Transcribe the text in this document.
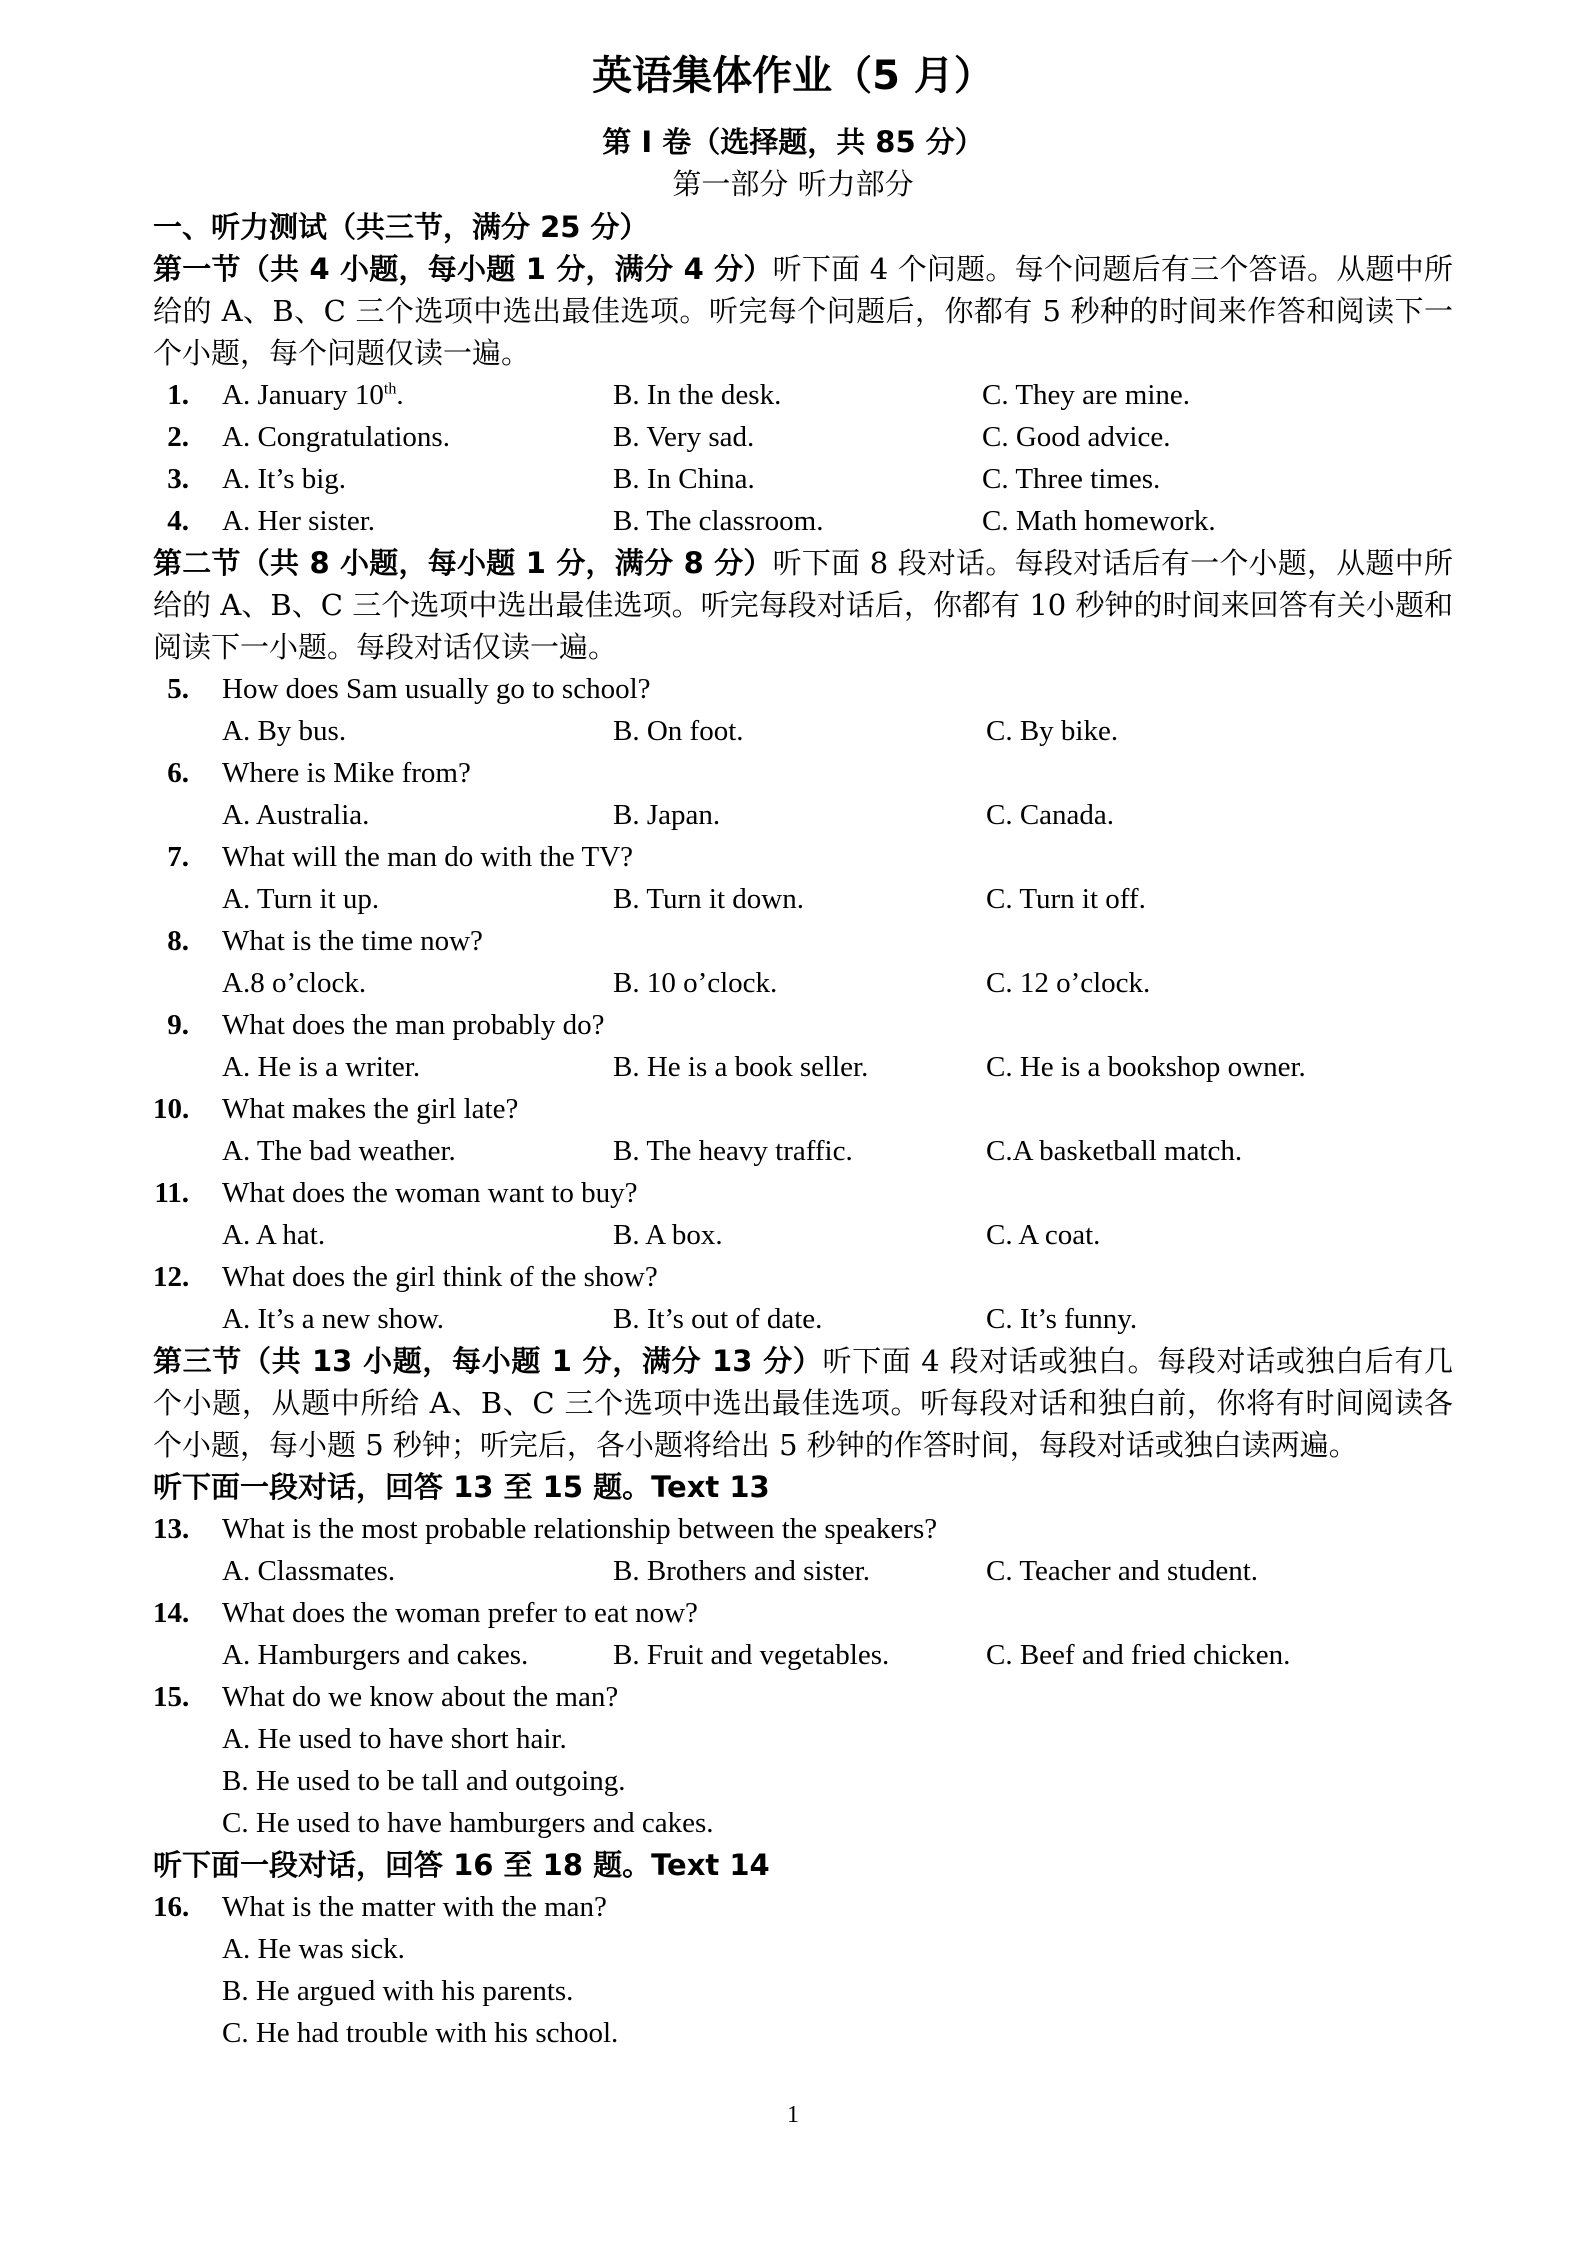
英语集体作业（5 月）
第 I 卷（选择题，共 85 分）
第一部分 听力部分
一、听力测试（共三节，满分 25 分）
第一节（共 4 小题，每小题 1 分，满分 4 分）听下面 4 个问题。每个问题后有三个答语。从题中所给的 A、B、C 三个选项中选出最佳选项。听完每个问题后，你都有 5 秒种的时间来作答和阅读下一个小题，每个问题仅读一遍。
1. A. January 10th.	B. In the desk.	C. They are mine.
2. A. Congratulations.	B. Very sad.	C. Good advice.
3. A. It’s big.	B. In China.	C. Three times.
4. A. Her sister.	B. The classroom.	C. Math homework.
第二节（共 8 小题，每小题 1 分，满分 8 分）听下面 8 段对话。每段对话后有一个小题，从题中所给的 A、B、C 三个选项中选出最佳选项。听完每段对话后，你都有 10 秒钟的时间来回答有关小题和阅读下一小题。每段对话仅读一遍。
5. How does Sam usually go to school?
A. By bus.	B. On foot.	C. By bike.
6. Where is Mike from?
A. Australia.	B. Japan.	C. Canada.
7. What will the man do with the TV?
A. Turn it up.	B. Turn it down.	C. Turn it off.
8. What is the time now?
A.8 o’clock.	B. 10 o’clock.	C. 12 o’clock.
9. What does the man probably do?
A. He is a writer.	B. He is a book seller.	C. He is a bookshop owner.
10. What makes the girl late?
A. The bad weather.	B. The heavy traffic.	C.A basketball match.
11. What does the woman want to buy?
A. A hat.	B. A box.	C. A coat.
12. What does the girl think of the show?
A. It’s a new show.	B. It’s out of date.	C. It’s funny.
第三节（共 13 小题，每小题 1 分，满分 13 分）听下面 4 段对话或独白。每段对话或独白后有几个小题，从题中所给 A、B、C 三个选项中选出最佳选项。听每段对话和独白前，你将有时间阅读各个小题，每小题 5 秒钟；听完后，各小题将给出 5 秒钟的作答时间，每段对话或独白读两遍。
听下面一段对话，回答 13 至 15 题。Text 13
13. What is the most probable relationship between the speakers?
A. Classmates.	B. Brothers and sister.	C. Teacher and student.
14. What does the woman prefer to eat now?
A. Hamburgers and cakes.	B. Fruit and vegetables.	C. Beef and fried chicken.
15. What do we know about the man?
A. He used to have short hair.
B. He used to be tall and outgoing.
C. He used to have hamburgers and cakes.
听下面一段对话，回答 16 至 18 题。Text 14
16. What is the matter with the man?
A. He was sick.
B. He argued with his parents.
C. He had trouble with his school.
1
